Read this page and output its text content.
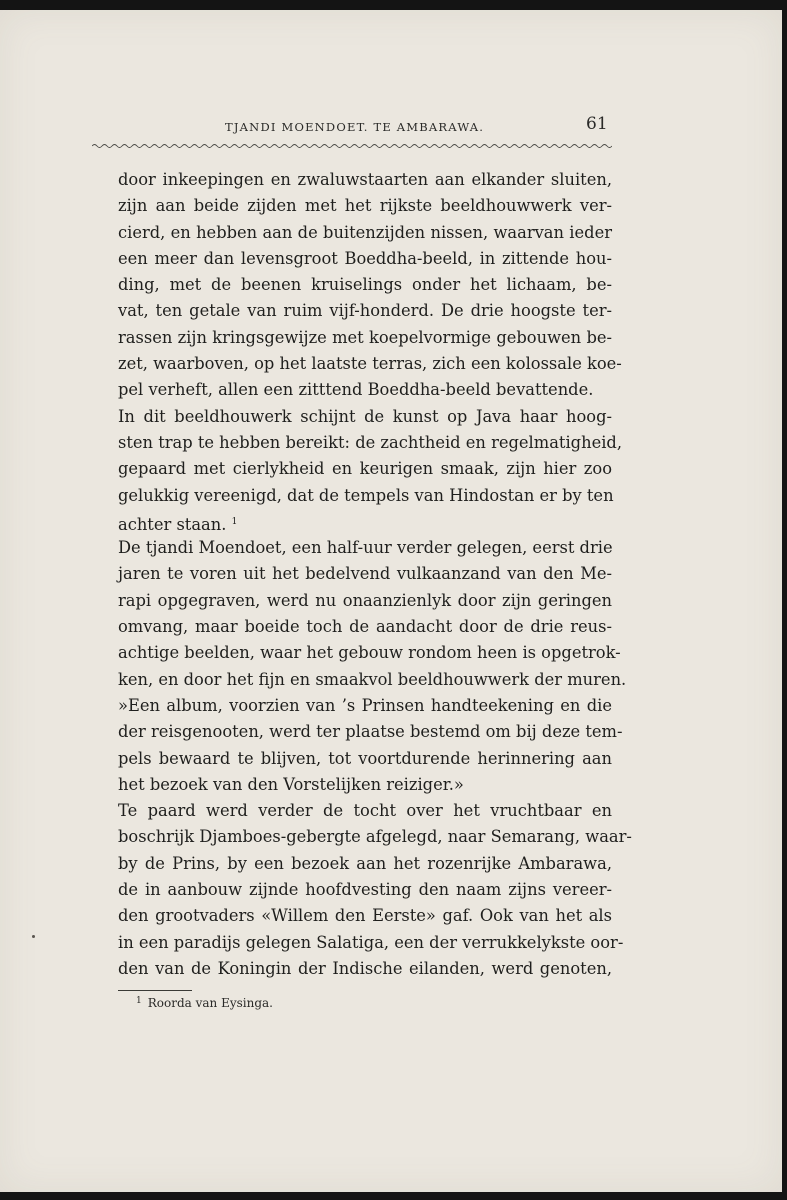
TJANDI MOENDOET. TE AMBARAWA.	61

door inkeepingen en zwaluwstaarten aan elkander sluiten,
zijn aan beide zijden met het rijkste beeldhouwwerk ver-
cierd, en hebben aan de buitenzijden nissen, waarvan ieder
een meer dan levensgroot Boeddha-beeld, in zittende hou-
ding, met de beenen kruiselings onder het lichaam, be-
vat, ten getale van ruim vijf-honderd. De drie hoogste ter-
rassen zijn kringsgewijze met koepelvormige gebouwen be-
zet, waarboven, op het laatste terras, zich een kolossale koe-
pel verheft, allen een zitttend Boeddha-beeld bevattende.

In dit beeldhouwerk schijnt de kunst op Java haar hoog-
sten trap te hebben bereikt: de zachtheid en regelmatigheid,
gepaard met cierlykheid en keurigen smaak, zijn hier zoo
gelukkig vereenigd, dat de tempels van Hindostan er by ten
achter staan. $^1$

De tjandi Moendoet, een half-uur verder gelegen, eerst drie
jaren te voren uit het bedelvend vulkaanzand van den Me-
rapi opgegraven, werd nu onaanzienlyk door zijn geringen
omvang, maar boeide toch de aandacht door de drie reus-
achtige beelden, waar het gebouw rondom heen is opgetrok-
ken, en door het fijn en smaakvol beeldhouwwerk der muren.

»Een album, voorzien van ’s Prinsen handteekening en die
der reisgenooten, werd ter plaatse bestemd om bij deze tem-
pels bewaard te blijven, tot voortdurende herinnering aan
het bezoek van den Vorstelijken reiziger.»

Te paard werd verder de tocht over het vruchtbaar en
boschrijk Djamboes-gebergte afgelegd, naar Semarang, waar-
by de Prins, by een bezoek aan het rozenrijke Ambarawa,
de in aanbouw zijnde hoofdvesting den naam zijns vereer-
den grootvaders «Willem den Eerste» gaf. Ook van het als
in een paradijs gelegen Salatiga, een der verrukkelykste oor-
den van de Koningin der Indische eilanden, werd genoten,

$^1$ Roorda van Eysinga.
